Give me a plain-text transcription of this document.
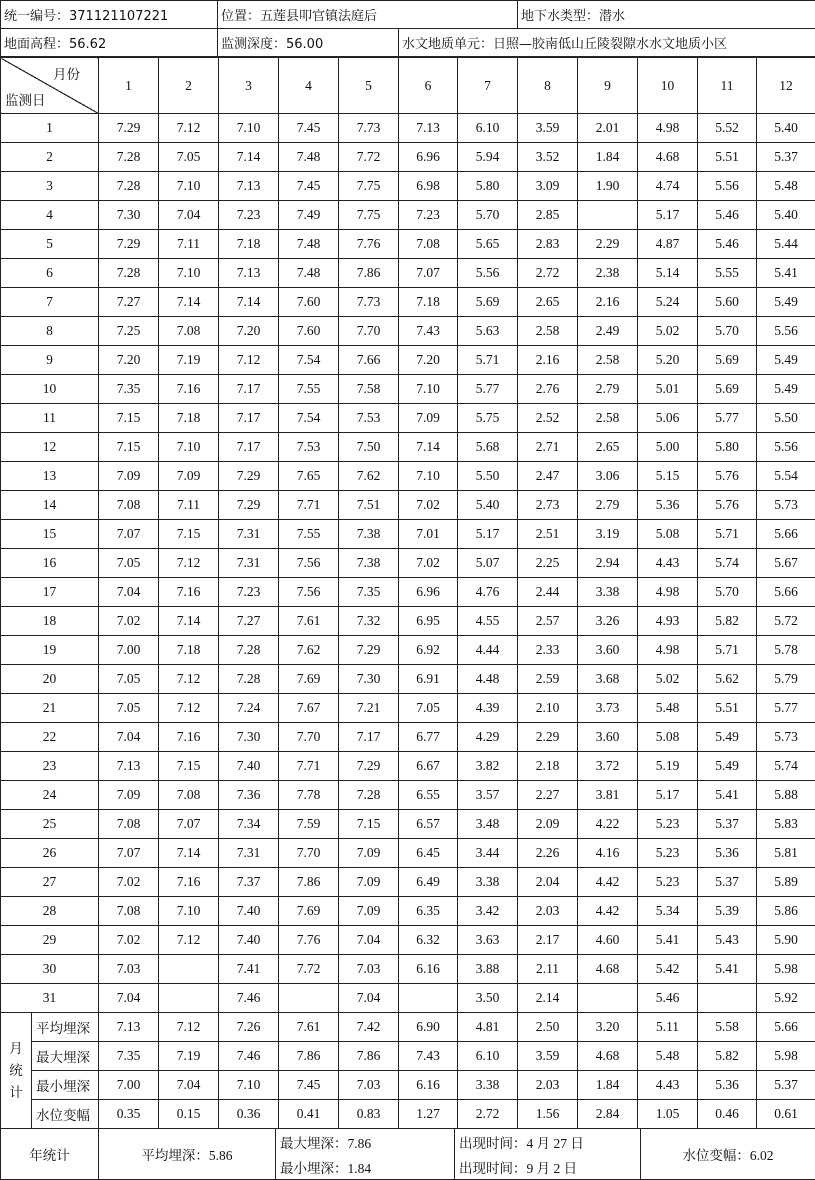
统一编号：371121107221	位置：五莲县叩官镇法庭后		地下水类型：潜水
地面高程：56.62	监测深度：56.00	水文地质单元：日照—胶南低山丘陵裂隙水水文地质小区	
月份
监测日		1	2	3	4	5	6	7	8	9	10	11	12
1		7.29	7.12	7.10	7.45	7.73	7.13	6.10	3.59	2.01	4.98	5.52	5.40
2		7.28	7.05	7.14	7.48	7.72	6.96	5.94	3.52	1.84	4.68	5.51	5.37
3		7.28	7.10	7.13	7.45	7.75	6.98	5.80	3.09	1.90	4.74	5.56	5.48
4		7.30	7.04	7.23	7.49	7.75	7.23	5.70	2.85		5.17	5.46	5.40
5		7.29	7.11	7.18	7.48	7.76	7.08	5.65	2.83	2.29	4.87	5.46	5.44
6		7.28	7.10	7.13	7.48	7.86	7.07	5.56	2.72	2.38	5.14	5.55	5.41
7		7.27	7.14	7.14	7.60	7.73	7.18	5.69	2.65	2.16	5.24	5.60	5.49
8		7.25	7.08	7.20	7.60	7.70	7.43	5.63	2.58	2.49	5.02	5.70	5.56
9		7.20	7.19	7.12	7.54	7.66	7.20	5.71	2.16	2.58	5.20	5.69	5.49
10		7.35	7.16	7.17	7.55	7.58	7.10	5.77	2.76	2.79	5.01	5.69	5.49
11		7.15	7.18	7.17	7.54	7.53	7.09	5.75	2.52	2.58	5.06	5.77	5.50
12		7.15	7.10	7.17	7.53	7.50	7.14	5.68	2.71	2.65	5.00	5.80	5.56
13		7.09	7.09	7.29	7.65	7.62	7.10	5.50	2.47	3.06	5.15	5.76	5.54
14		7.08	7.11	7.29	7.71	7.51	7.02	5.40	2.73	2.79	5.36	5.76	5.73
15		7.07	7.15	7.31	7.55	7.38	7.01	5.17	2.51	3.19	5.08	5.71	5.66
16		7.05	7.12	7.31	7.56	7.38	7.02	5.07	2.25	2.94	4.43	5.74	5.67
17		7.04	7.16	7.23	7.56	7.35	6.96	4.76	2.44	3.38	4.98	5.70	5.66
18		7.02	7.14	7.27	7.61	7.32	6.95	4.55	2.57	3.26	4.93	5.82	5.72
19		7.00	7.18	7.28	7.62	7.29	6.92	4.44	2.33	3.60	4.98	5.71	5.78
20		7.05	7.12	7.28	7.69	7.30	6.91	4.48	2.59	3.68	5.02	5.62	5.79
21		7.05	7.12	7.24	7.67	7.21	7.05	4.39	2.10	3.73	5.48	5.51	5.77
22		7.04	7.16	7.30	7.70	7.17	6.77	4.29	2.29	3.60	5.08	5.49	5.73
23		7.13	7.15	7.40	7.71	7.29	6.67	3.82	2.18	3.72	5.19	5.49	5.74
24		7.09	7.08	7.36	7.78	7.28	6.55	3.57	2.27	3.81	5.17	5.41	5.88
25		7.08	7.07	7.34	7.59	7.15	6.57	3.48	2.09	4.22	5.23	5.37	5.83
26		7.07	7.14	7.31	7.70	7.09	6.45	3.44	2.26	4.16	5.23	5.36	5.81
27		7.02	7.16	7.37	7.86	7.09	6.49	3.38	2.04	4.42	5.23	5.37	5.89
28		7.08	7.10	7.40	7.69	7.09	6.35	3.42	2.03	4.42	5.34	5.39	5.86
29		7.02	7.12	7.40	7.76	7.04	6.32	3.63	2.17	4.60	5.41	5.43	5.90
30		7.03		7.41	7.72	7.03	6.16	3.88	2.11	4.68	5.42	5.41	5.98
31		7.04		7.46		7.04		3.50	2.14		5.46		5.92
月
统
计	平均埋深	7.13	7.12	7.26	7.61	7.42	6.90	4.81	2.50	3.20	5.11	5.58	5.66
	最大埋深	7.35	7.19	7.46	7.86	7.86	7.43	6.10	3.59	4.68	5.48	5.82	5.98
	最小埋深	7.00	7.04	7.10	7.45	7.03	6.16	3.38	2.03	1.84	4.43	5.36	5.37
	水位变幅	0.35	0.15	0.36	0.41	0.83	1.27	2.72	1.56	2.84	1.05	0.46	0.61
年统计	平均埋深：5.86	最大埋深：7.86	出现时间：4 月 27 日	水位变幅：6.02
		最小埋深：1.84	出现时间：9 月 2 日	
